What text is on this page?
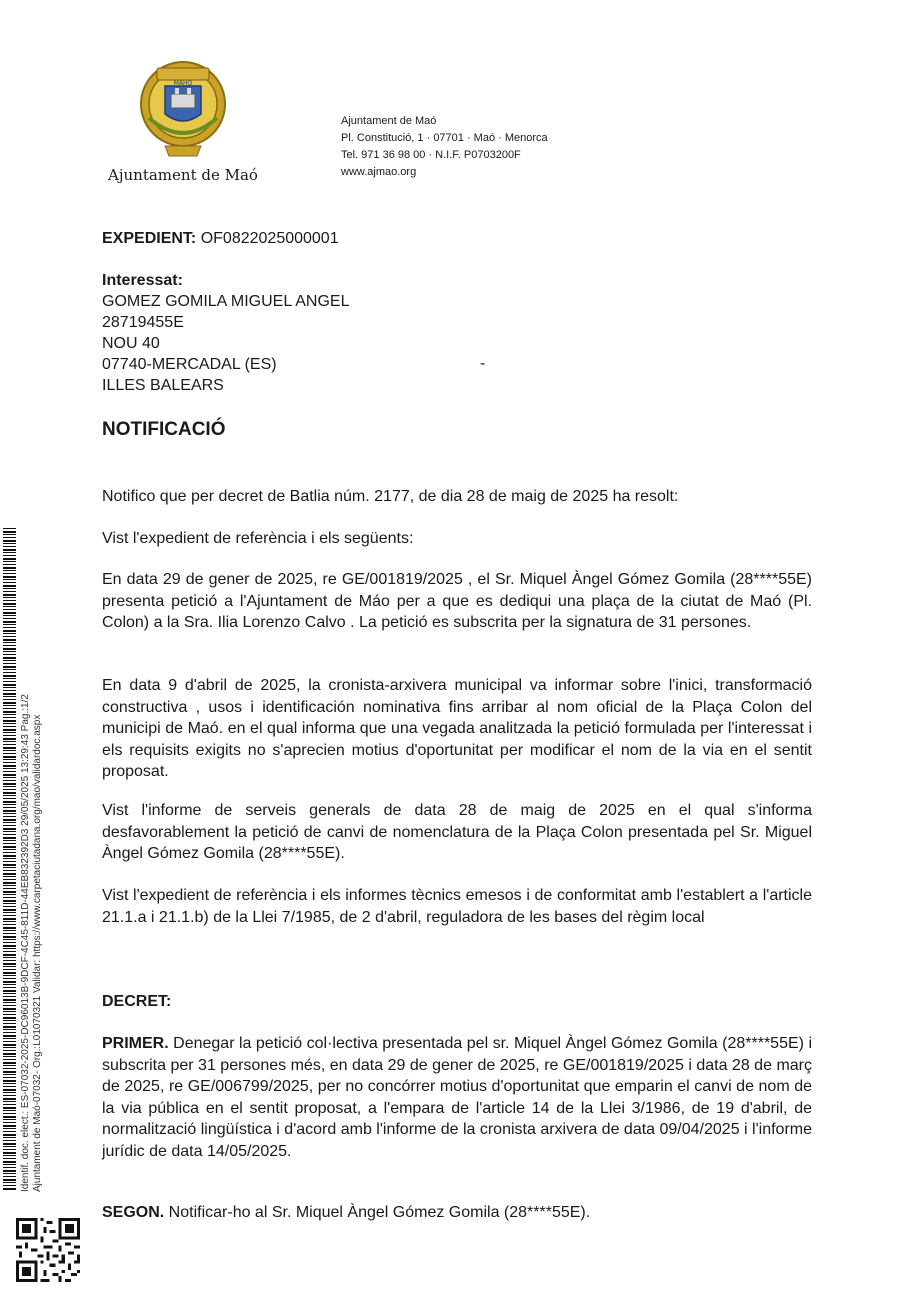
MAHO
Ajuntament de Maó
Ajuntament de Maó
Pl. Constitució, 1 · 07701 · Maó · Menorca
Tel. 971 36 98 00 · N.I.F. P0703200F
www.ajmao.org
EXPEDIENT: OF0822025000001
Interessat:
GOMEZ GOMILA MIGUEL ANGEL
28719455E
NOU 40
07740-MERCADAL (ES)
ILLES BALEARS
-
NOTIFICACIÓ
Notifico que per decret de Batlia núm. 2177, de dia 28 de maig de 2025 ha resolt:
Vist l'expedient de referència i els següents:
En data 29 de gener de 2025, re GE/001819/2025 , el Sr. Miquel Àngel Gómez Gomila (28****55E) presenta petició a l'Ajuntament de Máo per a que es dediqui una plaça de la ciutat de Maó (Pl. Colon) a la Sra. Ilia Lorenzo Calvo . La petició es subscrita per la signatura de 31 persones.
En data 9 d'abril de 2025, la cronista-arxivera municipal va informar sobre l'inici, transformació constructiva , usos i identificación nominativa fins arribar al nom oficial de la Plaça Colon del municipi de Maó. en el qual informa que una vegada analitzada la petició formulada per l'interessat i els requisits exigits no s'aprecien motius d'oportunitat per modificar el nom de la via en el sentit proposat.
Vist l'informe de serveis generals de data 28 de maig de 2025 en el qual s'informa desfavorablement la petició de canvi de nomenclatura de la Plaça Colon presentada pel Sr. Miguel Àngel Gómez Gomila (28****55E).
Vist l'expedient de referència i els informes tècnics emesos i de conformitat amb l'establert a l'article 21.1.a i 21.1.b) de la Llei 7/1985, de 2 d'abril, reguladora de les bases del règim local
DECRET:
PRIMER. Denegar la petició col·lectiva presentada pel sr. Miquel Àngel Gómez Gomila (28****55E) i subscrita per 31 persones més, en data 29 de gener de 2025, re GE/001819/2025 i data 28 de març de 2025, re GE/006799/2025, per no concórrer motius d'oportunitat que emparin el canvi de nom de la via pública en el sentit proposat, a l'empara de l'article 14 de la Llei 3/1986, de 19 d'abril, de normalització lingüística i d'acord amb l'informe de la cronista arxivera de data 09/04/2025 i l'informe jurídic de data 14/05/2025.
SEGON. Notificar-ho al Sr. Miquel Àngel Gómez Gomila (28****55E).
Identif. doc. elect.: ES-07032-2025-DC96013B-9DCF-4C45-811D-44EB832392D3 29/05/2025 13:29:43 Pag.:1/2 Ajuntament de Maó-07032- Org.:L01070321 Validar: https://www.carpetaciutadana.org/mao/validardoc.aspx
